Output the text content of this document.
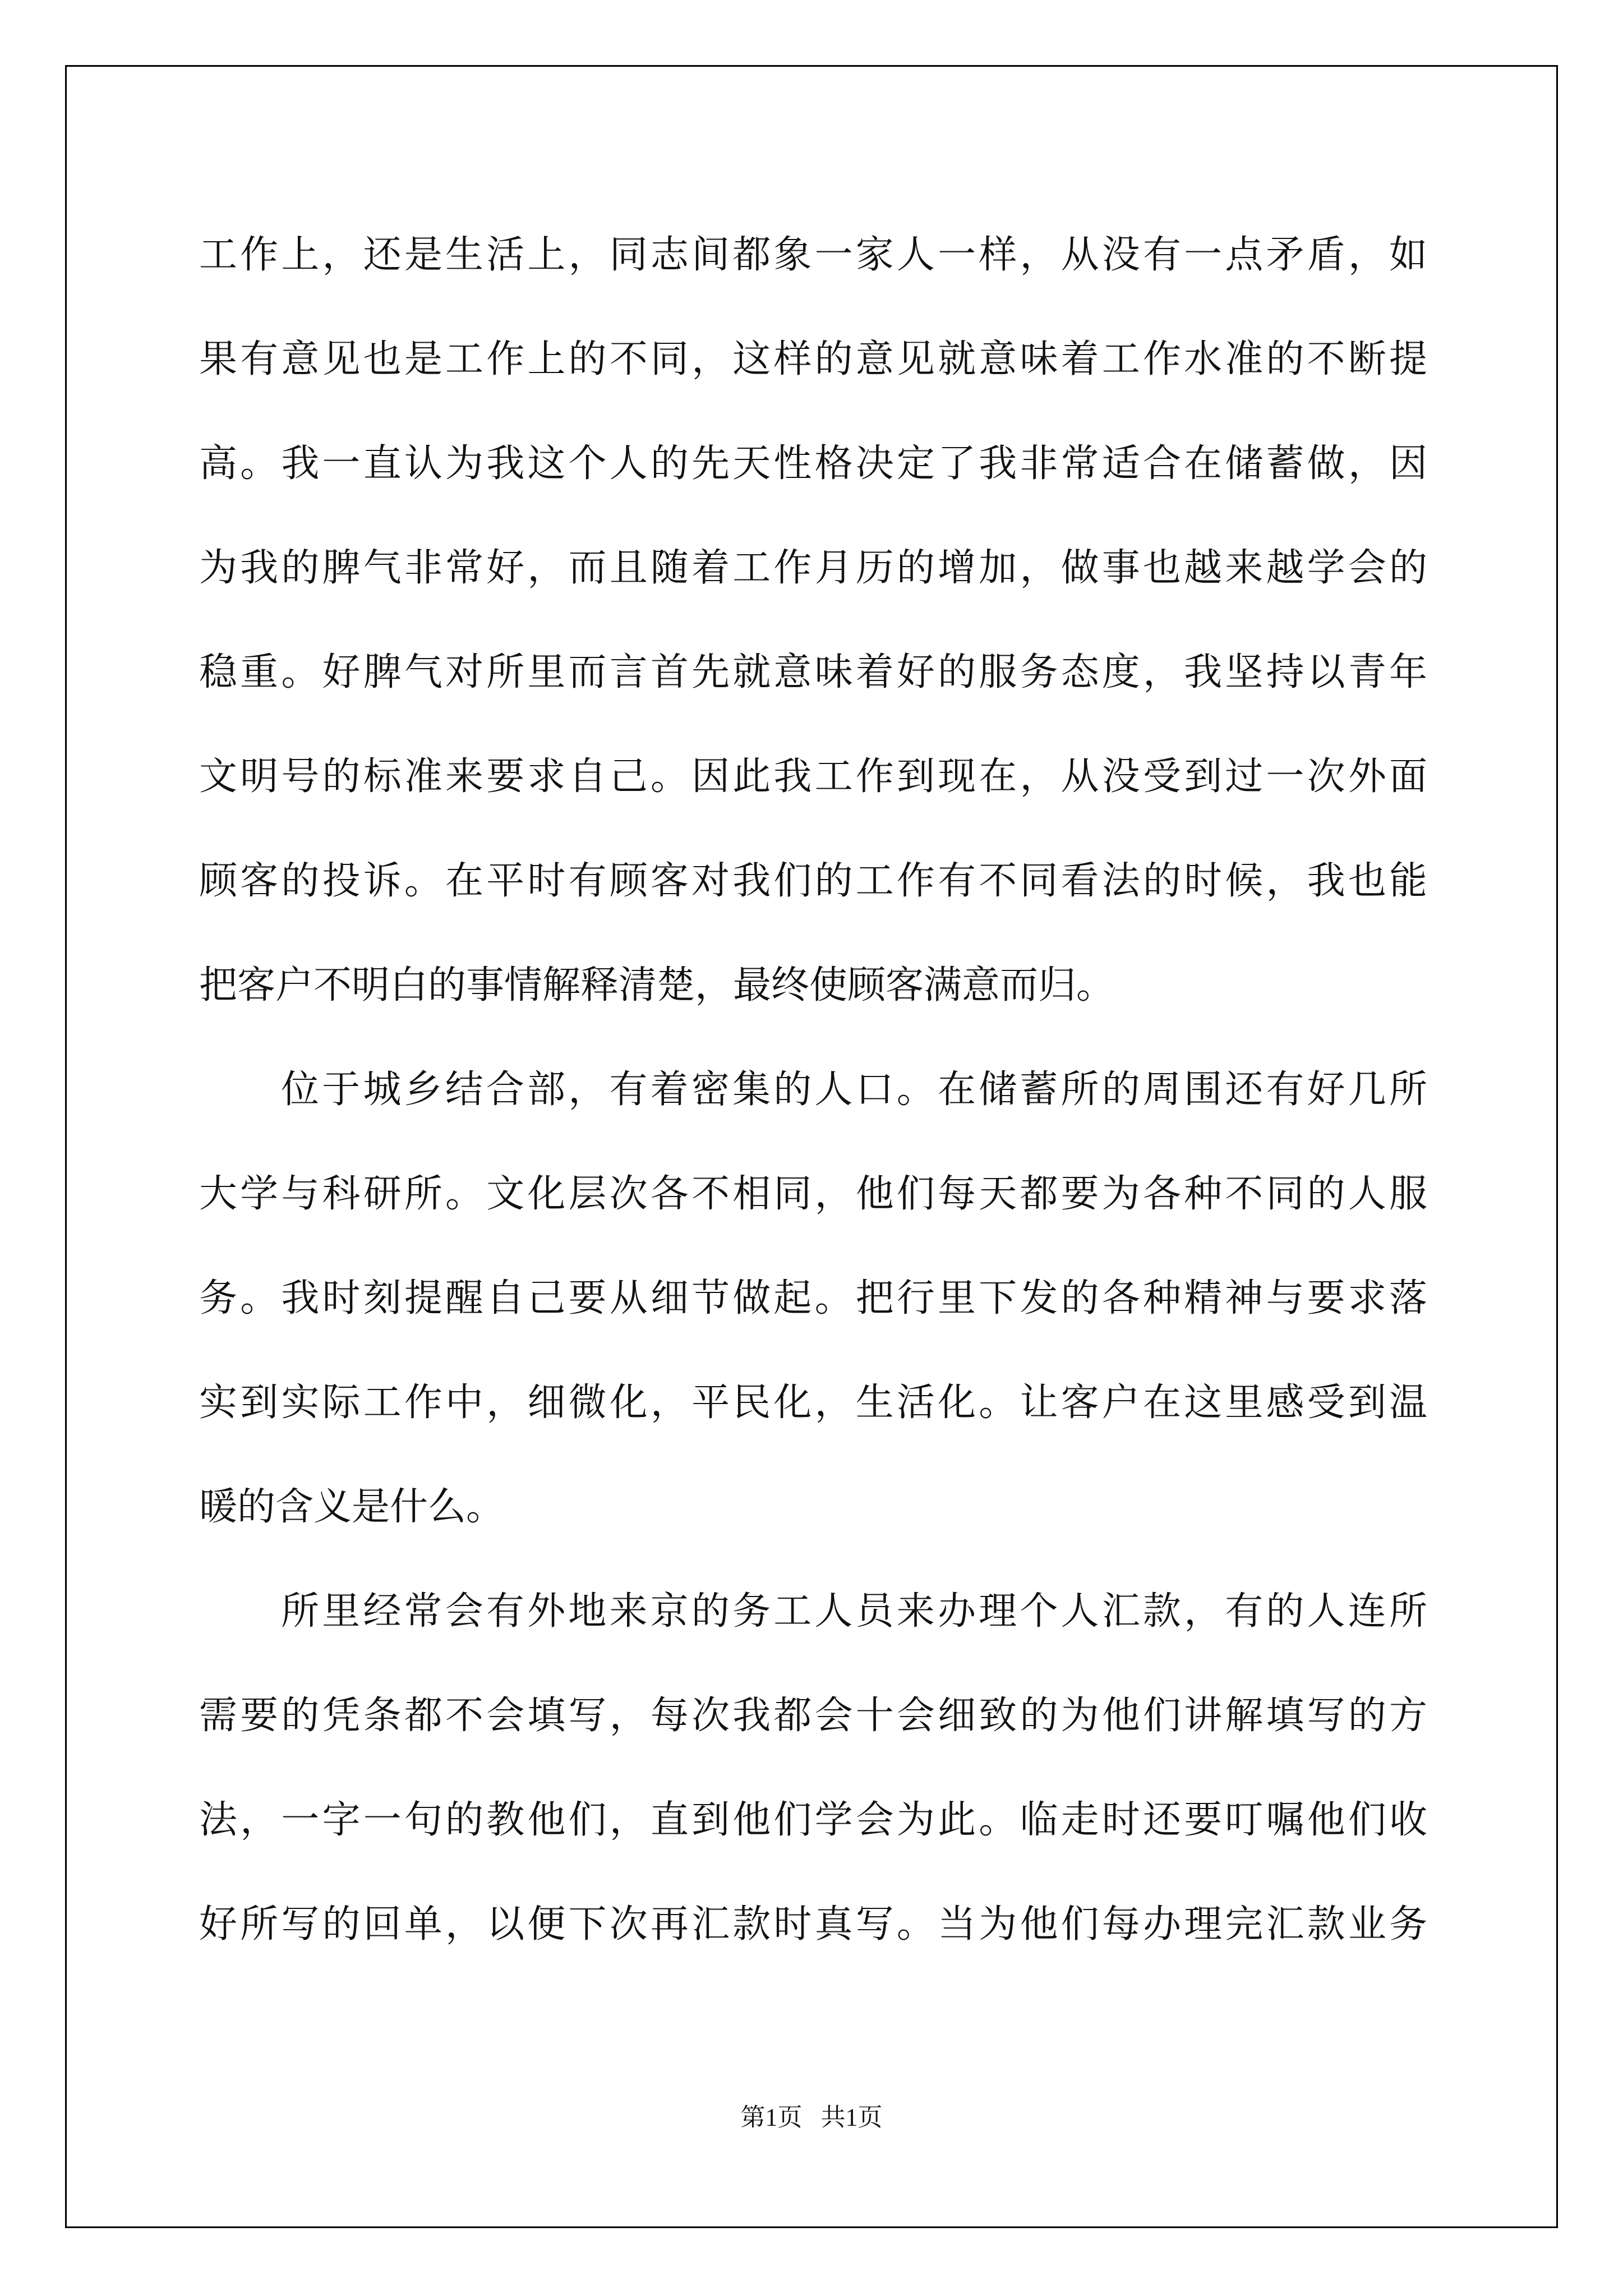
工作上，还是生活上，同志间都象一家人一样，从没有一点矛盾，如
果有意见也是工作上的不同，这样的意见就意味着工作水准的不断提
高。我一直认为我这个人的先天性格决定了我非常适合在储蓄做，因
为我的脾气非常好，而且随着工作月历的增加，做事也越来越学会的
稳重。好脾气对所里而言首先就意味着好的服务态度，我坚持以青年
文明号的标准来要求自己。因此我工作到现在，从没受到过一次外面
顾客的投诉。在平时有顾客对我们的工作有不同看法的时候，我也能
把客户不明白的事情解释清楚，最终使顾客满意而归。
位于城乡结合部，有着密集的人口。在储蓄所的周围还有好几所
大学与科研所。文化层次各不相同，他们每天都要为各种不同的人服
务。我时刻提醒自己要从细节做起。把行里下发的各种精神与要求落
实到实际工作中，细微化，平民化，生活化。让客户在这里感受到温
暖的含义是什么。
所里经常会有外地来京的务工人员来办理个人汇款，有的人连所
需要的凭条都不会填写，每次我都会十会细致的为他们讲解填写的方
法，一字一句的教他们，直到他们学会为此。临走时还要叮嘱他们收
好所写的回单，以便下次再汇款时真写。当为他们每办理完汇款业务
第1页   共1页
